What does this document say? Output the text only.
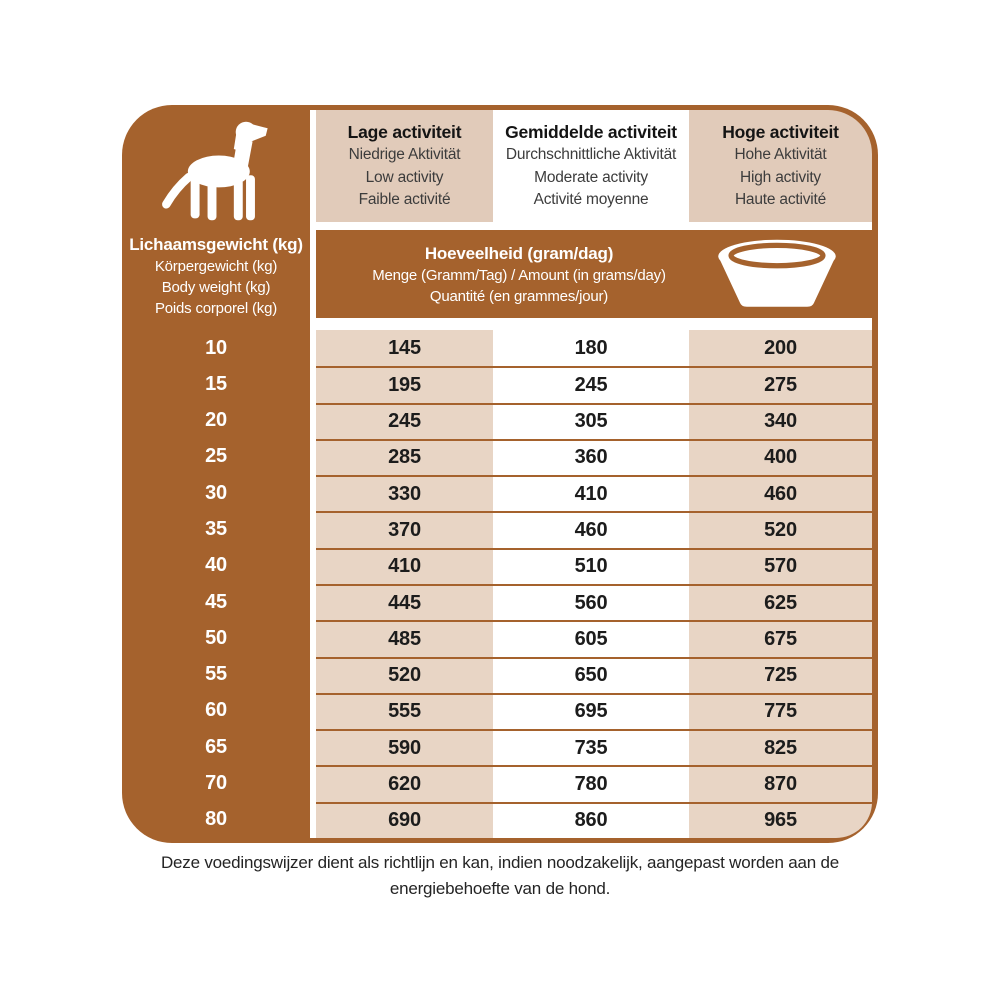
Lage activiteit
Niedrige Aktivität
Low activity
Faible activité
Gemiddelde activiteit
Durchschnittliche Aktivität
Moderate activity
Activité moyenne
Hoge activiteit
Hohe Aktivität
High activity
Haute activité
Lichaamsgewicht (kg)
Körpergewicht (kg)
Body weight (kg)
Poids corporel (kg)
Hoeveelheid (gram/dag)
Menge (Gramm/Tag) / Amount (in grams/day)
Quantité (en grammes/jour)
10	145	180	200
15	195	245	275
20	245	305	340
25	285	360	400
30	330	410	460
35	370	460	520
40	410	510	570
45	445	560	625
50	485	605	675
55	520	650	725
60	555	695	775
65	590	735	825
70	620	780	870
80	690	860	965
Deze voedingswijzer dient als richtlijn en kan, indien noodzakelijk, aangepast worden aan de energiebehoefte van de hond.
